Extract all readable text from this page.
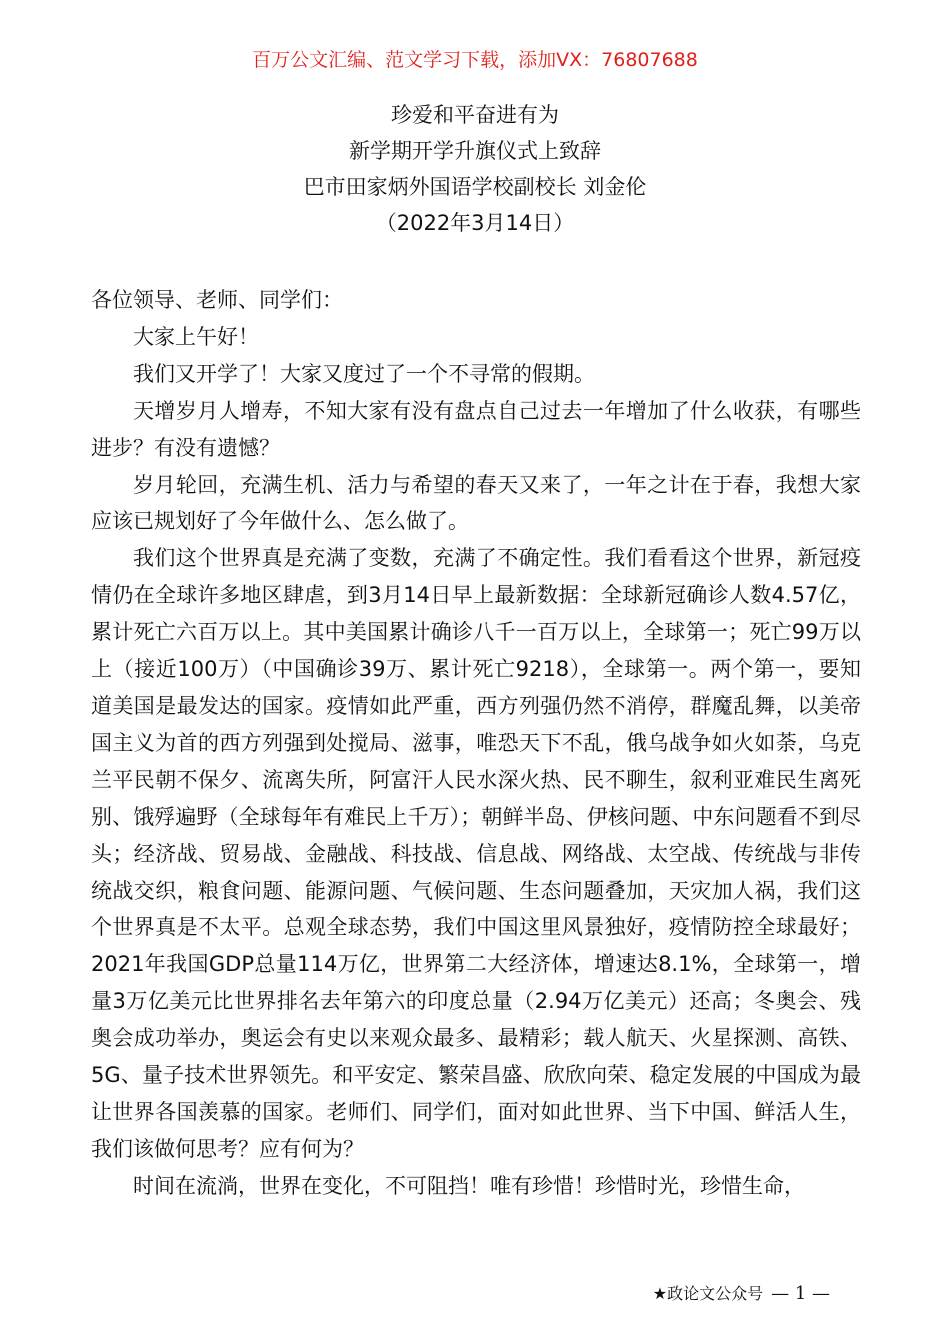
百万公文汇编、范文学习下载，添加VX：76807688

珍爱和平奋进有为

新学期开学升旗仪式上致辞

巴市田家炳外国语学校副校长 刘金伦

（2022年3月14日）

各位领导、老师、同学们：

大家上午好！

我们又开学了！大家又度过了一个不寻常的假期。

天增岁月人增寿，不知大家有没有盘点自己过去一年增加了什么收获，有哪些进步？有没有遗憾？

岁月轮回，充满生机、活力与希望的春天又来了，一年之计在于春，我想大家应该已规划好了今年做什么、怎么做了。

我们这个世界真是充满了变数，充满了不确定性。我们看看这个世界，新冠疫情仍在全球许多地区肆虐，到3月14日早上最新数据：全球新冠确诊人数4.57亿，累计死亡六百万以上。其中美国累计确诊八千一百万以上，全球第一；死亡99万以上（接近100万）（中国确诊39万、累计死亡9218），全球第一。两个第一，要知道美国是最发达的国家。疫情如此严重，西方列强仍然不消停，群魔乱舞，以美帝国主义为首的西方列强到处搅局、滋事，唯恐天下不乱，俄乌战争如火如荼，乌克兰平民朝不保夕、流离失所，阿富汗人民水深火热、民不聊生，叙利亚难民生离死别、饿殍遍野（全球每年有难民上千万）；朝鲜半岛、伊核问题、中东问题看不到尽头；经济战、贸易战、金融战、科技战、信息战、网络战、太空战、传统战与非传统战交织，粮食问题、能源问题、气候问题、生态问题叠加，天灾加人祸，我们这个世界真是不太平。总观全球态势，我们中国这里风景独好，疫情防控全球最好；2021年我国GDP总量114万亿，世界第二大经济体，增速达8.1%，全球第一，增量3万亿美元比世界排名去年第六的印度总量（2.94万亿美元）还高；冬奥会、残奥会成功举办，奥运会有史以来观众最多、最精彩；载人航天、火星探测、高铁、5G、量子技术世界领先。和平安定、繁荣昌盛、欣欣向荣、稳定发展的中国成为最让世界各国羡慕的国家。老师们、同学们，面对如此世界、当下中国、鲜活人生，我们该做何思考？应有何为？

时间在流淌，世界在变化，不可阻挡！唯有珍惜！珍惜时光，珍惜生命，

★政论文公众号 — 1 —
